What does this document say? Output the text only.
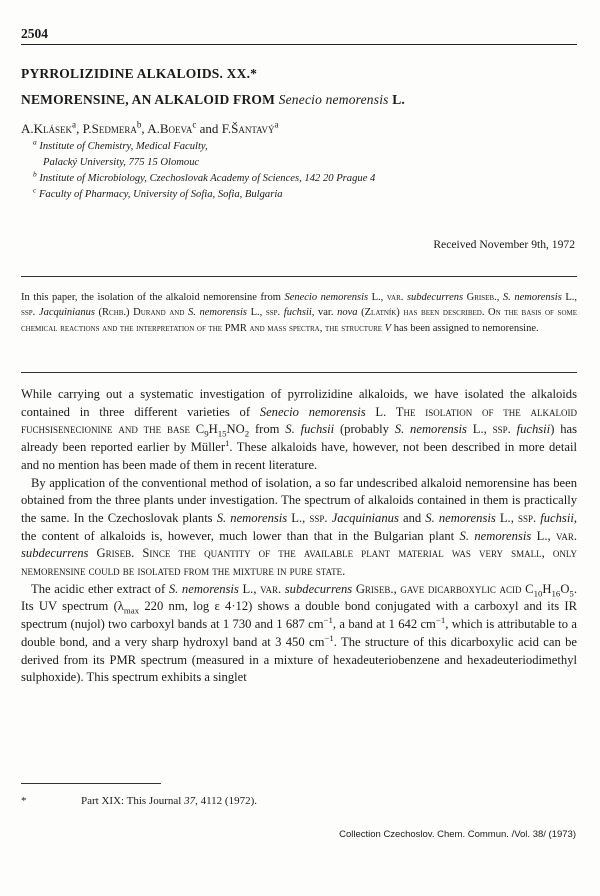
2504
PYRROLIZIDINE ALKALOIDS. XX.*
NEMORENSINE, AN ALKALOID FROM Senecio nemorensis L.
A.Klásek$^a$, P.Sedmera$^b$, A.Boeva$^c$ and F.Šantavý$^a$
$^a$ Institute of Chemistry, Medical Faculty,
Palacký University, 775 15 Olomouc
$^b$ Institute of Microbiology, Czechoslovak Academy of Sciences, 142 20 Prague 4
$^c$ Faculty of Pharmacy, University of Sofia, Sofia, Bulgaria
Received November 9th, 1972
In this paper, the isolation of the alkaloid nemorensine from Senecio nemorensis L., var. subdecurrens Griseb., S. nemorensis L., ssp. Jacquinianus (Rchb.) Durand and S. nemorensis L., ssp. fuchsii, var. nova (Zlatník) has been described. On the basis of some chemical reactions and the interpretation of the PMR and mass spectra, the structure V has been assigned to nemorensine.

While carrying out a systematic investigation of pyrrolizidine alkaloids, we have isolated the alkaloids contained in three different varieties of Senecio nemorensis L. The isolation of the alkaloid fuchsisenecionine and the base $C_9H_{15}NO_2$ from S. fuchsii (probably S. nemorensis L., ssp. fuchsii) has already been reported earlier by Müller$^1$. These alkaloids have, however, not been described in more detail and no mention has been made of them in recent literature.

By application of the conventional method of isolation, a so far undescribed alkaloid nemorensine has been obtained from the three plants under investigation. The spectrum of alkaloids contained in them is practically the same. In the Czechoslovak plants S. nemorensis L., ssp. Jacquinianus and S. nemorensis L., ssp. fuchsii, the content of alkaloids is, however, much lower than that in the Bulgarian plant S. nemorensis L., var. subdecurrens Griseb. Since the quantity of the available plant material was very small, only nemorensine could be isolated from the mixture in pure state.

The acidic ether extract of S. nemorensis L., var. subdecurrens Griseb., gave dicarboxylic acid $C_{10}H_{16}O_5$. Its UV spectrum ($\lambda_{max}$ 220 nm, log ε 4·12) shows a double bond conjugated with a carboxyl and its IR spectrum (nujol) two carboxyl bands at 1 730 and 1 687 $cm^{-1}$, a band at 1 642 $cm^{-1}$, which is attributable to a double bond, and a very sharp hydroxyl band at 3 450 $cm^{-1}$. The structure of this dicarboxylic acid can be derived from its PMR spectrum (measured in a mixture of hexadeuteriobenzene and hexadeuteriodimethyl sulphoxide). This spectrum exhibits a singlet

*	Part XIX: This Journal 37, 4112 (1972).
Collection Czechoslov. Chem. Commun. /Vol. 38/ (1973)
